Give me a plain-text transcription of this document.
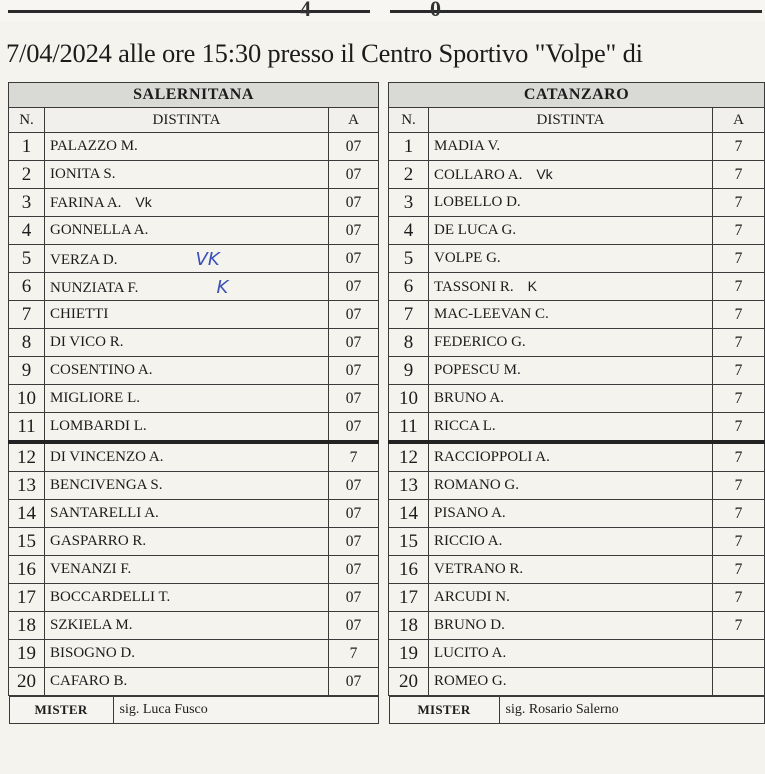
4	0
7/04/2024 alle ore 15:30 presso il Centro Sportivo "Volpe" di
SALERNITANA
N.	DISTINTA	A
1	PALAZZO M.	07
2	IONITA S.	07
3	FARINA A. Vk	07
4	GONNELLA A.	07
5	VERZA D.	VK	07
6	NUNZIATA F.	K	07
7	CHIETTI	07
8	DI VICO R.	07
9	COSENTINO A.	07
10	MIGLIORE L.	07
11	LOMBARDI L.	07
12	DI VINCENZO A.	7
13	BENCIVENGA S.	07
14	SANTARELLI A.	07
15	GASPARRO R.	07
16	VENANZI F.	07
17	BOCCARDELLI T.	07
18	SZKIELA M.	07
19	BISOGNO D.	7
20	CAFARO B.	07

MISTER	sig. Luca Fusco
CATANZARO
N.	DISTINTA	A
1	MADIA V.	7
2	COLLARO A. Vk	7
3	LOBELLO D.	7
4	DE LUCA G.	7
5	VOLPE G.	7
6	TASSONI R. K	7
7	MAC-LEEVAN C.	7
8	FEDERICO G.	7
9	POPESCU M.	7
10	BRUNO A.	7
11	RICCA L.	7
12	RACCIOPPOLI A.	7
13	ROMANO G.	7
14	PISANO A.	7
15	RICCIO A.	7
16	VETRANO R.	7
17	ARCUDI N.	7
18	BRUNO D.	7
19	LUCITO A.	
20	ROMEO G.	

MISTER	sig. Rosario Salerno
